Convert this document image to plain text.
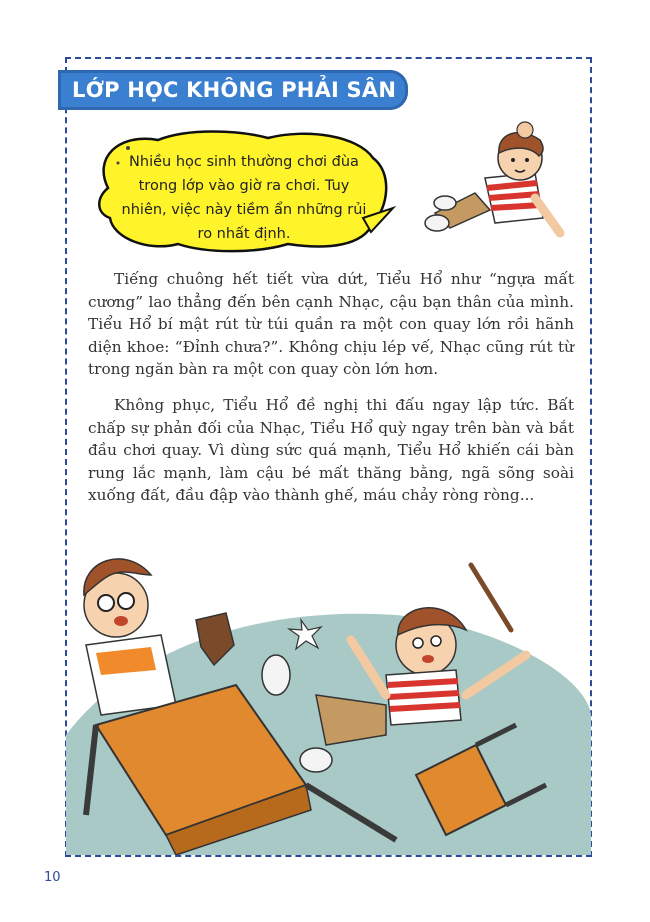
LỚP HỌC KHÔNG PHẢI SÂN CHƠI
Nhiều học sinh thường chơi đùa trong lớp vào giờ ra chơi. Tuy nhiên, việc này tiềm ẩn những rủi ro nhất định.

Tiếng chuông hết tiết vừa dứt, Tiểu Hổ như “ngựa mất cương” lao thẳng đến bên cạnh Nhạc, cậu bạn thân của mình. Tiểu Hổ bí mật rút từ túi quần ra một con quay lớn rồi hãnh diện khoe: “Đỉnh chưa?”. Không chịu lép vế, Nhạc cũng rút từ trong ngăn bàn ra một con quay còn lớn hơn.

Không phục, Tiểu Hổ đề nghị thi đấu ngay lập tức. Bất chấp sự phản đối của Nhạc, Tiểu Hổ quỳ ngay trên bàn và bắt đầu chơi quay. Vì dùng sức quá mạnh, Tiểu Hổ khiến cái bàn rung lắc mạnh, làm cậu bé mất thăng bằng, ngã sõng soài xuống đất, đầu đập vào thành ghế, máu chảy ròng ròng...

10
